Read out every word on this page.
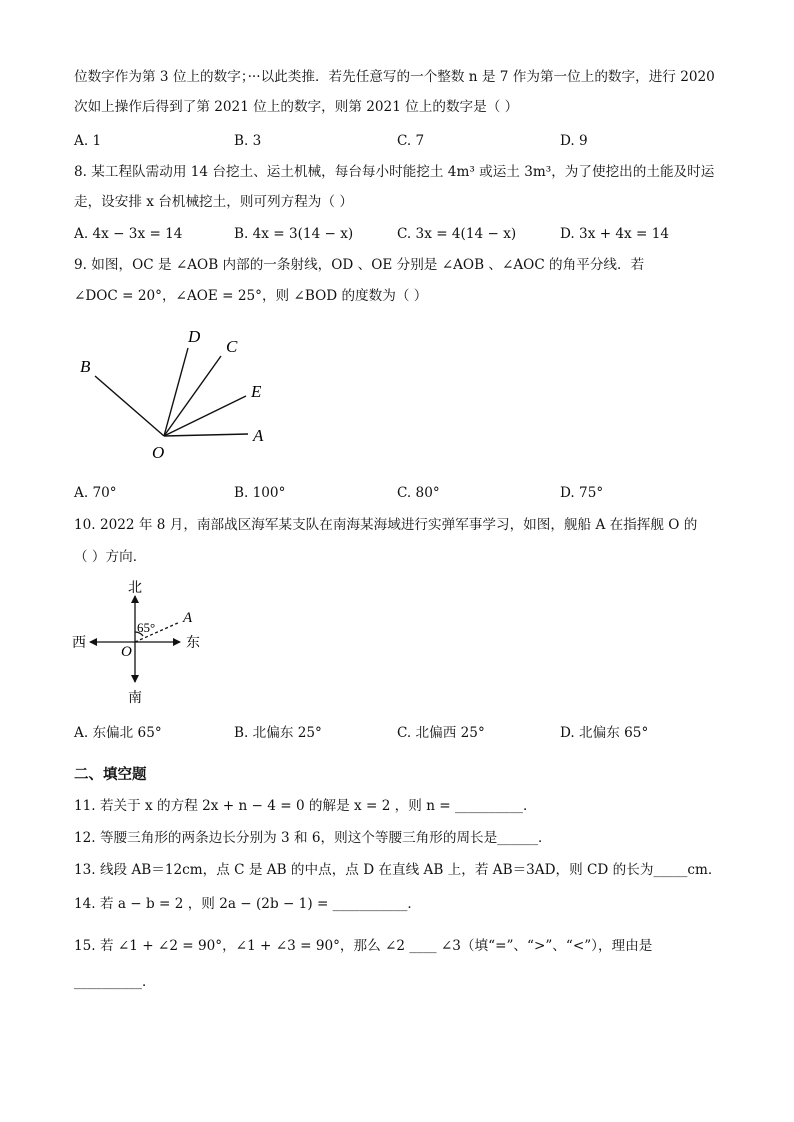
位数字作为第 3 位上的数字；···以此类推．若先任意写的一个整数 n 是 7 作为第一位上的数字，进行 2020
次如上操作后得到了第 2021 位上的数字，则第 2021 位上的数字是（ ）
A. 1	B. 3	C. 7	D. 9
8. 某工程队需动用 14 台挖土、运土机械，每台每小时能挖土 4m³ 或运土 3m³，为了使挖出的土能及时运
走，设安排 x 台机械挖土，则可列方程为（ ）
A. 4x − 3x = 14	B. 4x = 3(14 − x)	C. 3x = 4(14 − x)	D. 3x + 4x = 14
9. 如图，OC 是 ∠AOB 内部的一条射线，OD 、OE 分别是 ∠AOB 、∠AOC 的角平分线．若
∠DOC = 20°，∠AOE = 25°，则 ∠BOD 的度数为（ ）
B
D
C
E
A
O
A. 70°	B. 100°	C. 80°	D. 75°
10. 2022 年 8 月，南部战区海军某支队在南海某海域进行实弹军事学习，如图，舰船 A 在指挥舰 O 的
（ ）方向．
北
南
西	东
65°
A
O
A. 东偏北 65°	B. 北偏东 25°	C. 北偏西 25°	D. 北偏东 65°
二、填空题
11. 若关于 x 的方程 2x + n − 4 = 0 的解是 x = 2 ，则 n = __________．
12. 等腰三角形的两条边长分别为 3 和 6，则这个等腰三角形的周长是______．
13. 线段 AB＝12cm，点 C 是 AB 的中点，点 D 在直线 AB 上，若 AB＝3AD，则 CD 的长为_____cm．
14. 若 a − b = 2 ，则 2a − (2b − 1) = ___________．
15. 若 ∠1 + ∠2 = 90°，∠1 + ∠3 = 90°，那么 ∠2 ____ ∠3（填“=”、“>”、“<”），理由是
__________．
